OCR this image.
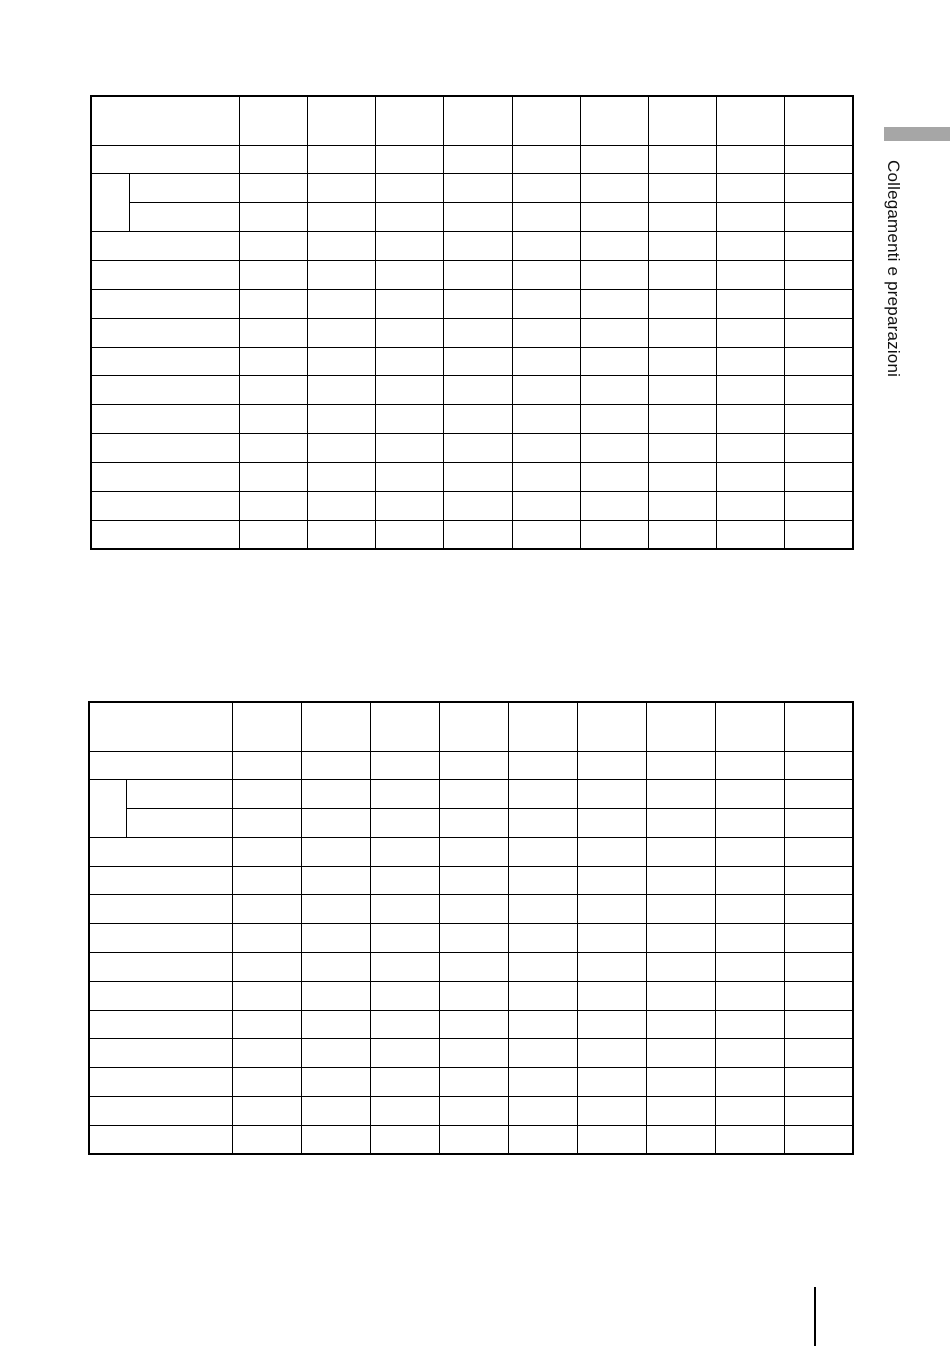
Collegamenti e preparazioni
